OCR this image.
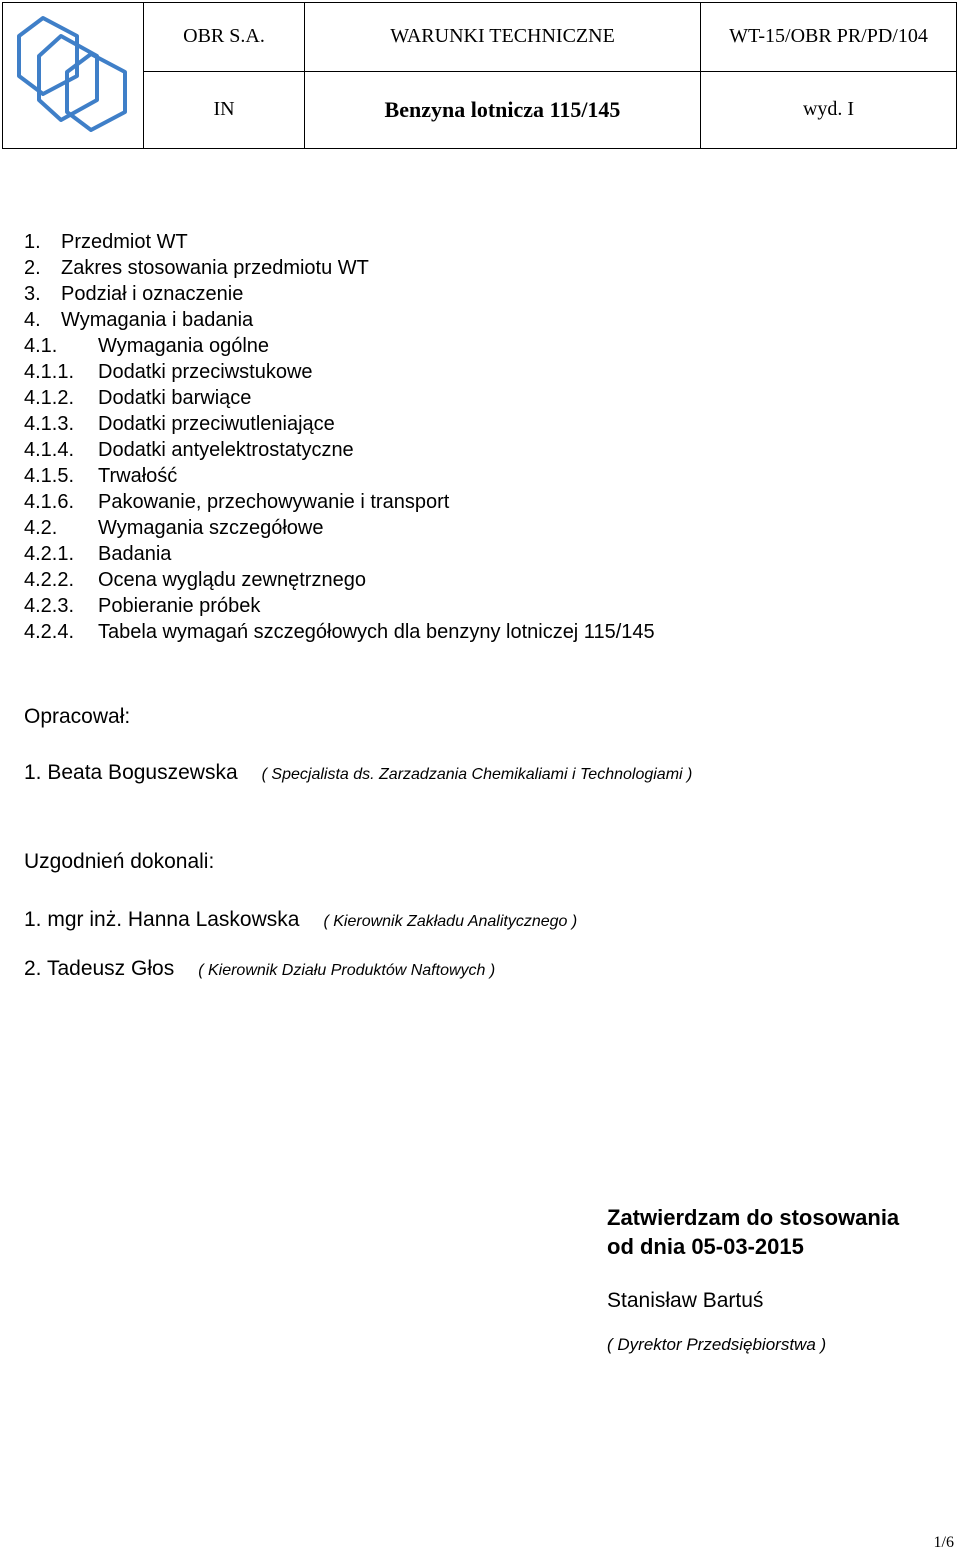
	OBR S.A.	WARUNKI TECHNICZNE	WT-15/OBR PR/PD/104
	IN	Benzyna lotnicza 115/145	wyd. I
1.	Przedmiot WT
2.	Zakres stosowania przedmiotu WT
3.	Podział i oznaczenie
4.	Wymagania i badania
4.1.	Wymagania ogólne
4.1.1.	Dodatki przeciwstukowe
4.1.2.	Dodatki barwiące
4.1.3.	Dodatki przeciwutleniające
4.1.4.	Dodatki antyelektrostatyczne
4.1.5.	Trwałość
4.1.6.	Pakowanie, przechowywanie i transport
4.2.	Wymagania szczegółowe
4.2.1.	Badania
4.2.2.	Ocena wyglądu zewnętrznego
4.2.3.	Pobieranie próbek
4.2.4.	Tabela wymagań szczegółowych dla benzyny lotniczej 115/145
Opracował:
1. Beata Boguszewska ( Specjalista ds. Zarzadzania Chemikaliami i Technologiami )
Uzgodnień dokonali:
1. mgr inż. Hanna Laskowska ( Kierownik Zakładu Analitycznego )
2. Tadeusz Głos ( Kierownik Działu Produktów Naftowych )
Zatwierdzam do stosowania
od dnia 05-03-2015
Stanisław Bartuś
( Dyrektor Przedsiębiorstwa )
1/6
